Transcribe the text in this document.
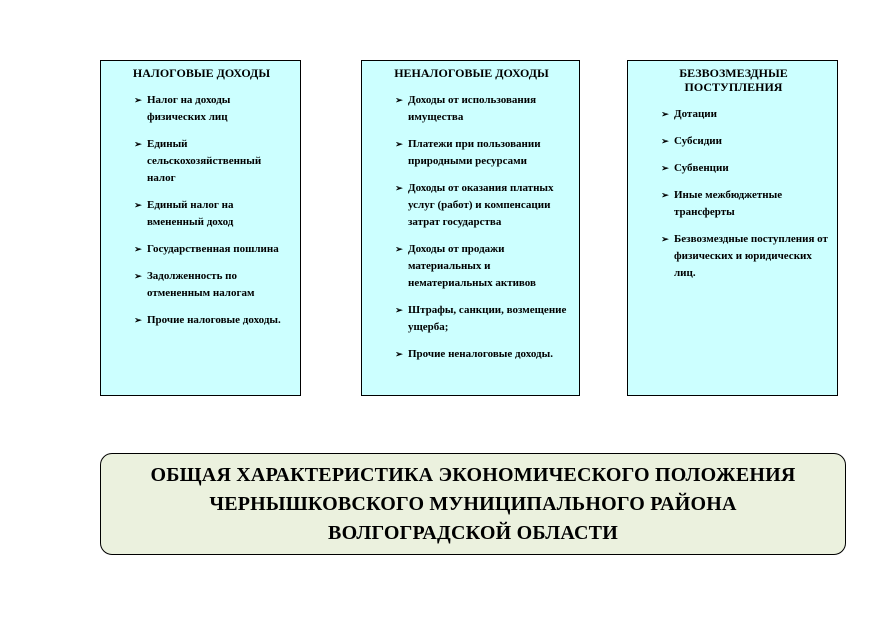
НАЛОГОВЫЕ ДОХОДЫ
➢ Налог на доходы физических лиц
➢ Единый сельскохозяйственный налог
➢ Единый налог на вмененный доход
➢ Государственная пошлина
➢ Задолженность по отмененным налогам
➢ Прочие налоговые доходы.
НЕНАЛОГОВЫЕ ДОХОДЫ
➢ Доходы от использования имущества
➢ Платежи при пользовании природными ресурсами
➢ Доходы от оказания платных услуг (работ) и компенсации затрат государства
➢ Доходы от продажи материальных и нематериальных активов
➢ Штрафы, санкции, возмещение ущерба;
➢ Прочие неналоговые доходы.
БЕЗВОЗМЕЗДНЫЕ ПОСТУПЛЕНИЯ
➢ Дотации
➢ Субсидии
➢ Субвенции
➢ Иные межбюджетные трансферты
➢ Безвозмездные поступления от физических и юридических лиц.
ОБЩАЯ ХАРАКТЕРИСТИКА ЭКОНОМИЧЕСКОГО ПОЛОЖЕНИЯ
ЧЕРНЫШКОВСКОГО МУНИЦИПАЛЬНОГО РАЙОНА
ВОЛГОГРАДСКОЙ ОБЛАСТИ
